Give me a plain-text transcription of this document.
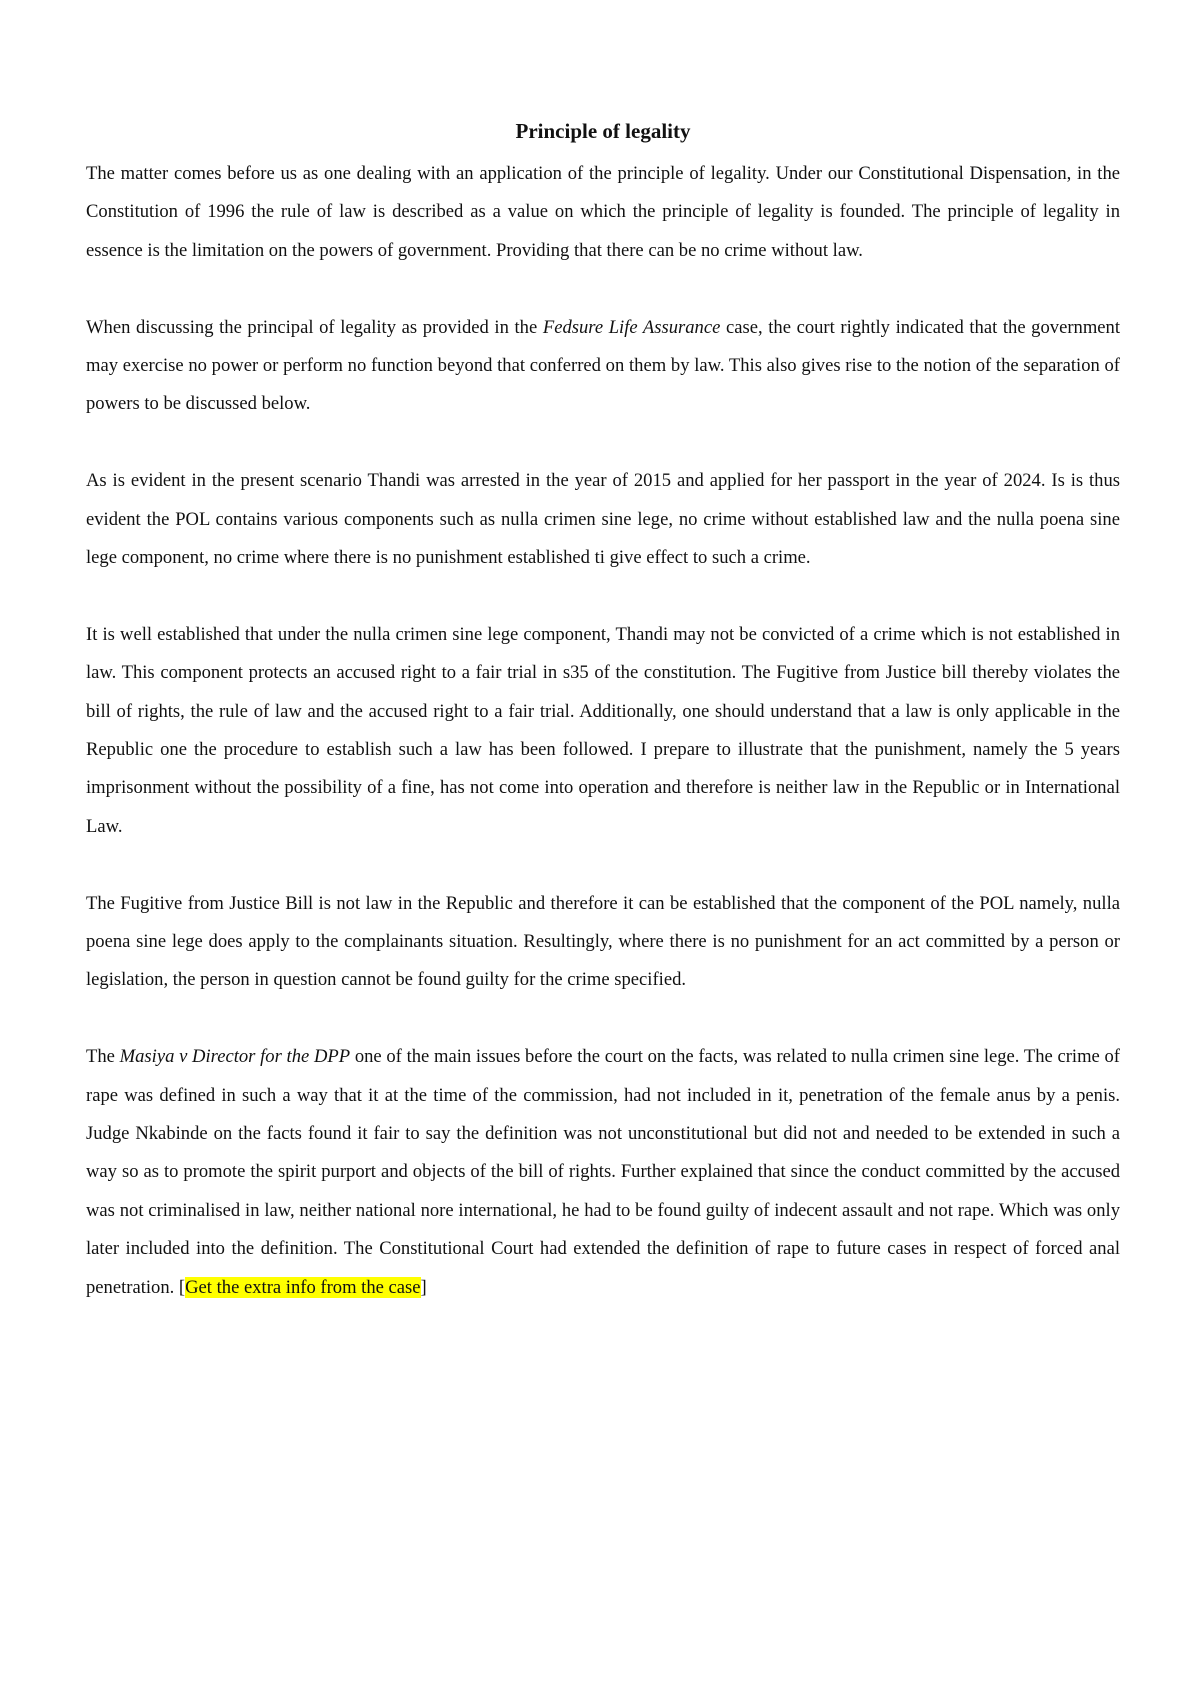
Principle of legality

The matter comes before us as one dealing with an application of the principle of legality. Under our Constitutional Dispensation, in the Constitution of 1996 the rule of law is described as a value on which the principle of legality is founded. The principle of legality in essence is the limitation on the powers of government. Providing that there can be no crime without law.

When discussing the principal of legality as provided in the Fedsure Life Assurance case, the court rightly indicated that the government may exercise no power or perform no function beyond that conferred on them by law. This also gives rise to the notion of the separation of powers to be discussed below.

As is evident in the present scenario Thandi was arrested in the year of 2015 and applied for her passport in the year of 2024. Is is thus evident the POL contains various components such as nulla crimen sine lege, no crime without established law and the nulla poena sine lege component, no crime where there is no punishment established ti give effect to such a crime.

It is well established that under the nulla crimen sine lege component, Thandi may not be convicted of a crime which is not established in law. This component protects an accused right to a fair trial in s35 of the constitution. The Fugitive from Justice bill thereby violates the bill of rights, the rule of law and the accused right to a fair trial. Additionally, one should understand that a law is only applicable in the Republic one the procedure to establish such a law has been followed. I prepare to illustrate that the punishment, namely the 5 years imprisonment without the possibility of a fine, has not come into operation and therefore is neither law in the Republic or in International Law.

The Fugitive from Justice Bill is not law in the Republic and therefore it can be established that the component of the POL namely, nulla poena sine lege does apply to the complainants situation. Resultingly, where there is no punishment for an act committed by a person or legislation, the person in question cannot be found guilty for the crime specified.

The Masiya v Director for the DPP one of the main issues before the court on the facts, was related to nulla crimen sine lege. The crime of rape was defined in such a way that it at the time of the commission, had not included in it, penetration of the female anus by a penis. Judge Nkabinde on the facts found it fair to say the definition was not unconstitutional but did not and needed to be extended in such a way so as to promote the spirit purport and objects of the bill of rights. Further explained that since the conduct committed by the accused was not criminalised in law, neither national nore international, he had to be found guilty of indecent assault and not rape. Which was only later included into the definition. The Constitutional Court had extended the definition of rape to future cases in respect of forced anal penetration. [Get the extra info from the case]
